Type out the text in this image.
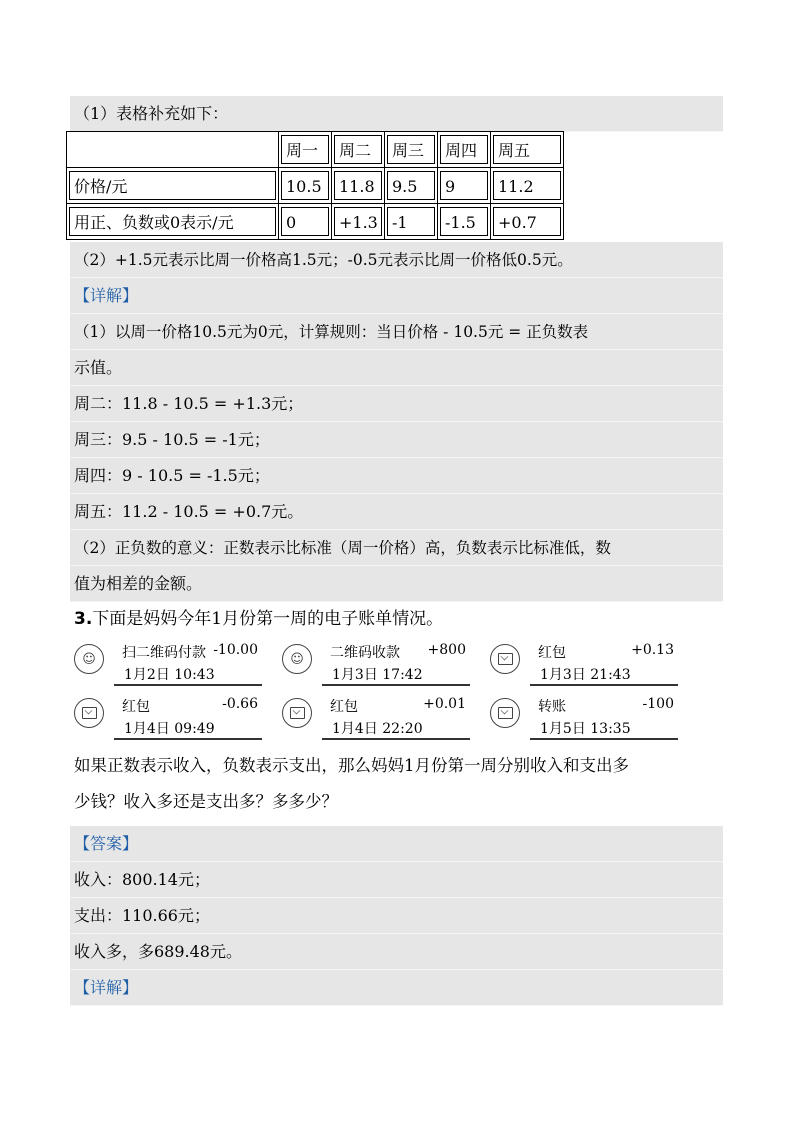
（1）表格补充如下：

	周一	周二	周三	周四	周五

价格/元	10.5	11.8	9.5	9	11.2

用正、负数或0表示/元	0	+1.3	-1	-1.5	+0.7
（2）+1.5元表示比周一价格高1.5元；-0.5元表示比周一价格低0.5元。
【详解】
（1）以周一价格10.5元为0元，计算规则：当日价格 - 10.5元 = 正负数表
示值。
周二：11.8 - 10.5 = +1.3元；
周三：9.5 - 10.5 = -1元；
周四：9 - 10.5 = -1.5元；
周五：11.2 - 10.5 = +0.7元。
（2）正负数的意义：正数表示比标准（周一价格）高，负数表示比标准低，数
值为相差的金额。
3.下面是妈妈今年1月份第一周的电子账单情况。
☺	扫二维码付款 -10.00
1月2日 10:43
☺	二维码收款 +800
1月3日 17:42
红包	+0.13
1月3日 21:43
红包	-0.66
1月4日 09:49
红包	+0.01
1月4日 22:20
转账	-100
1月5日 13:35
如果正数表示收入，负数表示支出，那么妈妈1月份第一周分别收入和支出多
少钱？收入多还是支出多？多多少？
【答案】
收入：800.14元；
支出：110.66元；
收入多，多689.48元。
【详解】
